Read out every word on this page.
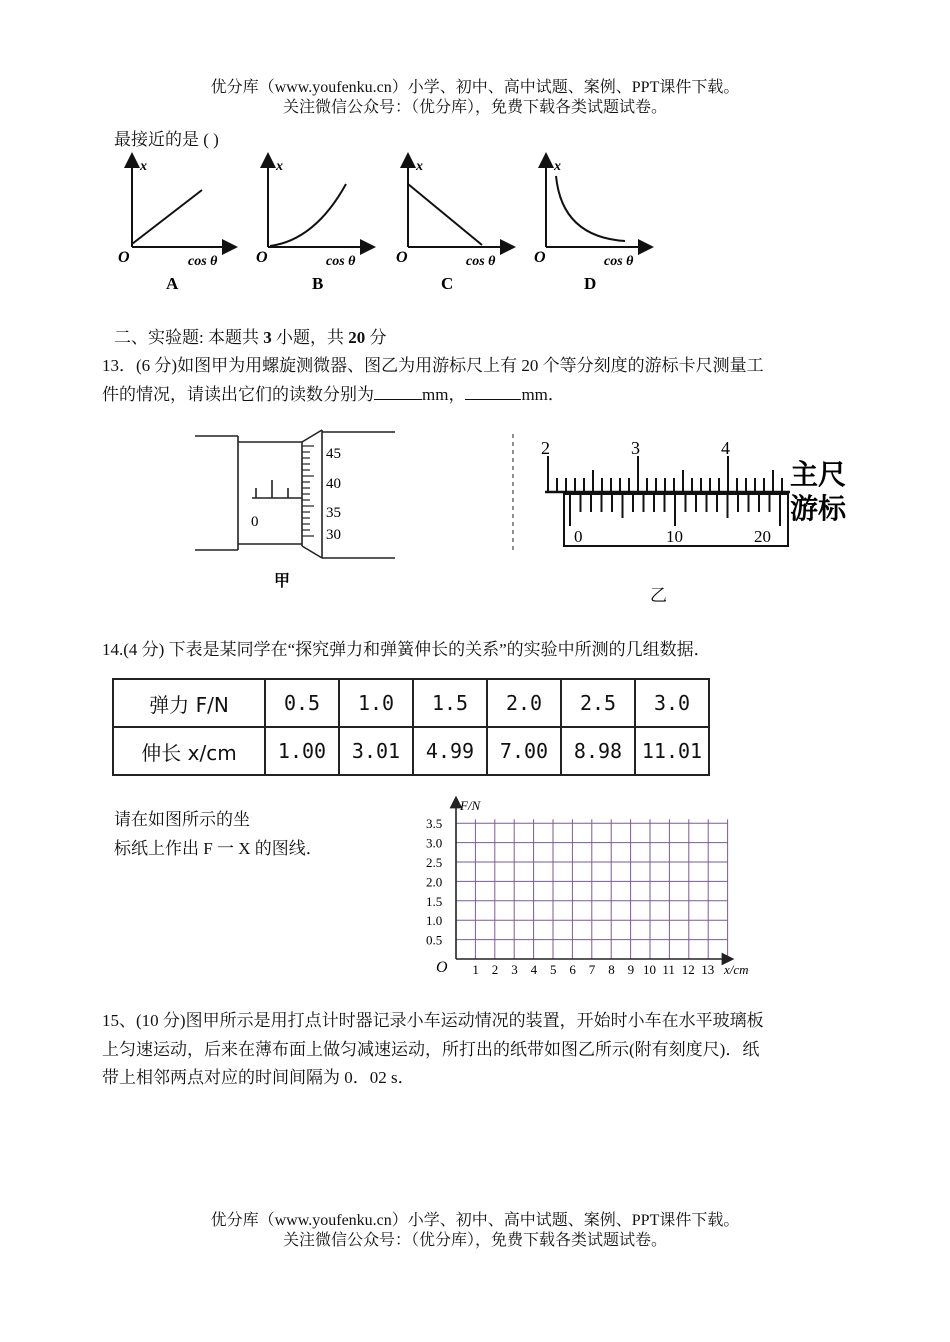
优分库（www.youfenku.cn）小学、初中、高中试题、案例、PPT课件下载。
关注微信公众号：（优分库），免费下载各类试题试卷。
最接近的是 ( )
x
cos θ
O
A
x
cos θ
O
B
x
cos θ
O
C
x
cos θ
O
D
二、实验题: 本题共 3 小题，共 20 分
13．(6 分)如图甲为用螺旋测微器、图乙为用游标尺上有 20 个等分刻度的游标卡尺测量工
件的情况，请读出它们的读数分别为	mm，	mm．
45
40
35
30
0
甲
2	3	4
0	10	20
主尺
游标
乙
14.(4 分) 下表是某同学在“探究弹力和弹簧伸长的关系”的实验中所测的几组数据．
弹力 F/N	0.5	1.0	1.5	2.0	2.5	3.0
伸长 x/cm	1.00	3.01	4.99	7.00	8.98	11.01
请在如图所示的坐
标纸上作出 F 一 X 的图线．
F/N
x/cm
O
3.5
3.0
2.5
2.0
1.5
1.0
0.5
1 2 3 4 5 6 7 8 9 10 11 12 13
15、(10 分)图甲所示是用打点计时器记录小车运动情况的装置，开始时小车在水平玻璃板
上匀速运动，后来在薄布面上做匀减速运动，所打出的纸带如图乙所示(附有刻度尺)．纸
带上相邻两点对应的时间间隔为 0．02 s．
优分库（www.youfenku.cn）小学、初中、高中试题、案例、PPT课件下载。
关注微信公众号：（优分库），免费下载各类试题试卷。
